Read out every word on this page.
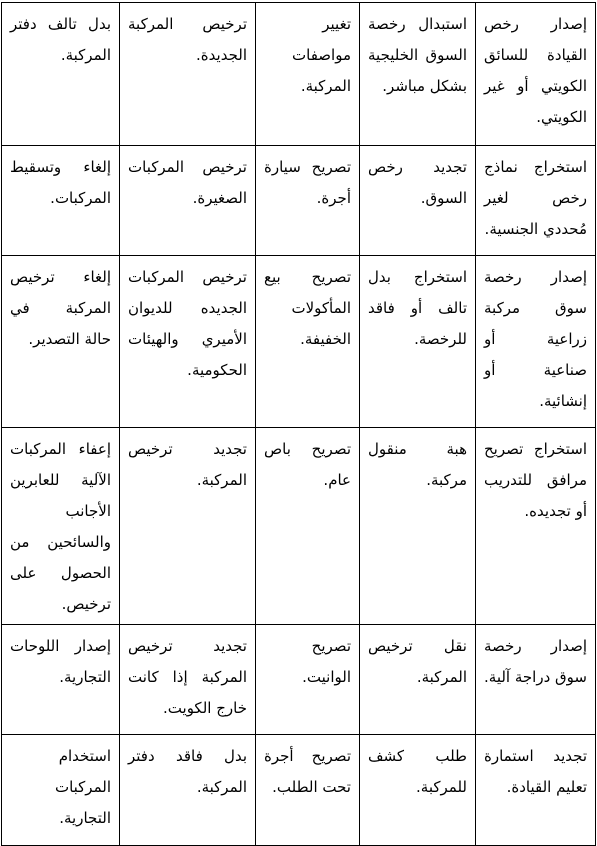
إصدار رخص القيادة للسائق الكويتي أو غير الكويتي.	استبدال رخصة السوق الخليجية بشكل مباشر.	تغيير مواصفات المركبة.	ترخيص المركبة الجديدة.	بدل تالف دفتر المركبة.
استخراج نماذج رخص لغير مُحددي الجنسية.	تجديد رخص السوق.	تصريح سيارة أجرة.	ترخيص المركبات الصغيرة.	إلغاء وتسقيط المركبات.
إصدار رخصة سوق مركبة زراعية أو صناعية أو إنشائية.	استخراج بدل تالف أو فاقد للرخصة.	تصريح بيع المأكولات الخفيفة.	ترخيص المركبات الجديده للديوان الأميري والهيئات الحكومية.	إلغاء ترخيص المركبة في حالة التصدير.
استخراج تصريح مرافق للتدريب أو تجديده.	هبة منقول مركبة.	تصريح باص عام.	تجديد ترخيص المركبة.	إعفاء المركبات الآلية للعابرين الأجانب والسائحين من الحصول على ترخيص.
إصدار رخصة سوق دراجة آلية.	نقل ترخيص المركبة.	تصريح الوانيت.	تجديد ترخيص المركبة إذا كانت خارج الكويت.	إصدار اللوحات التجارية.
تجديد استمارة تعليم القيادة.	طلب كشف للمركبة.	تصريح أجرة تحت الطلب.	بدل فاقد دفتر المركبة.	استخدام المركبات التجارية.
